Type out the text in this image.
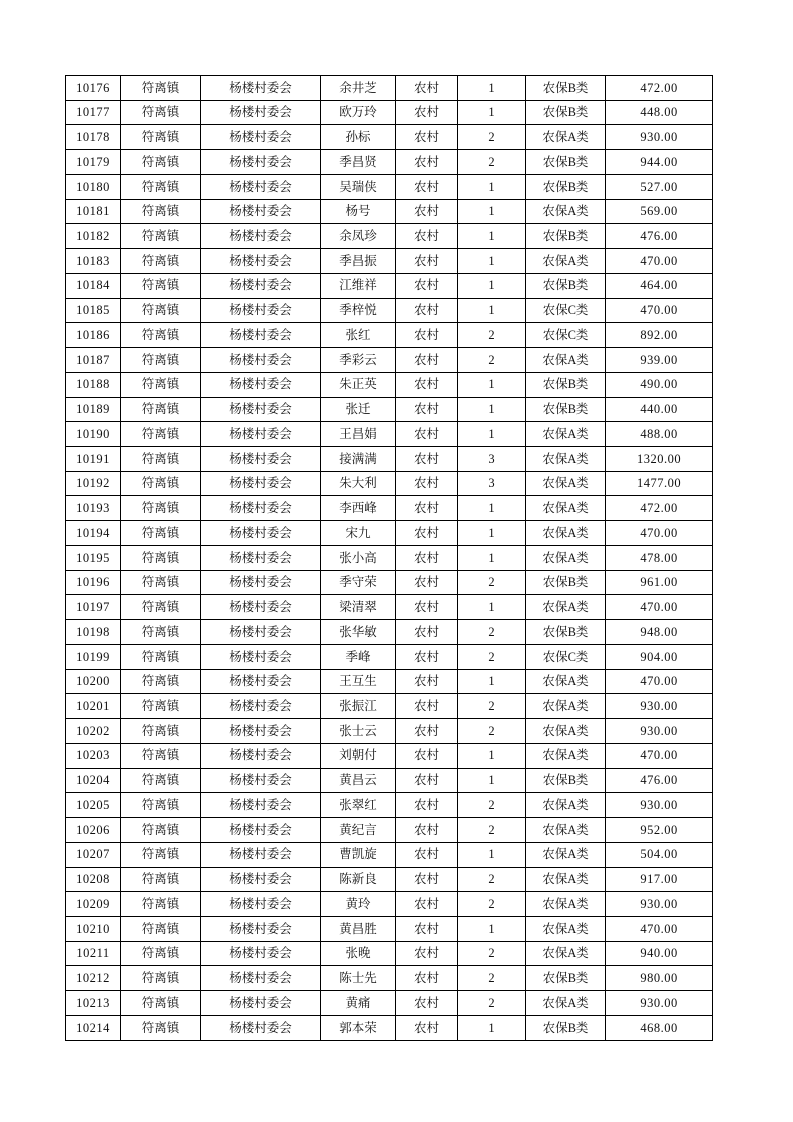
10176	符离镇	杨楼村委会	余井芝	农村	1	农保B类	472.00
10177	符离镇	杨楼村委会	欧万玲	农村	1	农保B类	448.00
10178	符离镇	杨楼村委会	孙标	农村	2	农保A类	930.00
10179	符离镇	杨楼村委会	季昌贤	农村	2	农保B类	944.00
10180	符离镇	杨楼村委会	吴瑞侠	农村	1	农保B类	527.00
10181	符离镇	杨楼村委会	杨号	农村	1	农保A类	569.00
10182	符离镇	杨楼村委会	余凤珍	农村	1	农保B类	476.00
10183	符离镇	杨楼村委会	季昌振	农村	1	农保A类	470.00
10184	符离镇	杨楼村委会	江维祥	农村	1	农保B类	464.00
10185	符离镇	杨楼村委会	季梓悦	农村	1	农保C类	470.00
10186	符离镇	杨楼村委会	张红	农村	2	农保C类	892.00
10187	符离镇	杨楼村委会	季彩云	农村	2	农保A类	939.00
10188	符离镇	杨楼村委会	朱正英	农村	1	农保B类	490.00
10189	符离镇	杨楼村委会	张迁	农村	1	农保B类	440.00
10190	符离镇	杨楼村委会	王昌娟	农村	1	农保A类	488.00
10191	符离镇	杨楼村委会	接满满	农村	3	农保A类	1320.00
10192	符离镇	杨楼村委会	朱大利	农村	3	农保A类	1477.00
10193	符离镇	杨楼村委会	李西峰	农村	1	农保A类	472.00
10194	符离镇	杨楼村委会	宋九	农村	1	农保A类	470.00
10195	符离镇	杨楼村委会	张小高	农村	1	农保A类	478.00
10196	符离镇	杨楼村委会	季守荣	农村	2	农保B类	961.00
10197	符离镇	杨楼村委会	梁清翠	农村	1	农保A类	470.00
10198	符离镇	杨楼村委会	张华敏	农村	2	农保B类	948.00
10199	符离镇	杨楼村委会	季峰	农村	2	农保C类	904.00
10200	符离镇	杨楼村委会	王互生	农村	1	农保A类	470.00
10201	符离镇	杨楼村委会	张振江	农村	2	农保A类	930.00
10202	符离镇	杨楼村委会	张士云	农村	2	农保A类	930.00
10203	符离镇	杨楼村委会	刘朝付	农村	1	农保A类	470.00
10204	符离镇	杨楼村委会	黄昌云	农村	1	农保B类	476.00
10205	符离镇	杨楼村委会	张翠红	农村	2	农保A类	930.00
10206	符离镇	杨楼村委会	黄纪言	农村	2	农保A类	952.00
10207	符离镇	杨楼村委会	曹凯旋	农村	1	农保A类	504.00
10208	符离镇	杨楼村委会	陈新良	农村	2	农保A类	917.00
10209	符离镇	杨楼村委会	黄玲	农村	2	农保A类	930.00
10210	符离镇	杨楼村委会	黄昌胜	农村	1	农保A类	470.00
10211	符离镇	杨楼村委会	张晚	农村	2	农保A类	940.00
10212	符离镇	杨楼村委会	陈士先	农村	2	农保B类	980.00
10213	符离镇	杨楼村委会	黄痛	农村	2	农保A类	930.00
10214	符离镇	杨楼村委会	郭本荣	农村	1	农保B类	468.00
